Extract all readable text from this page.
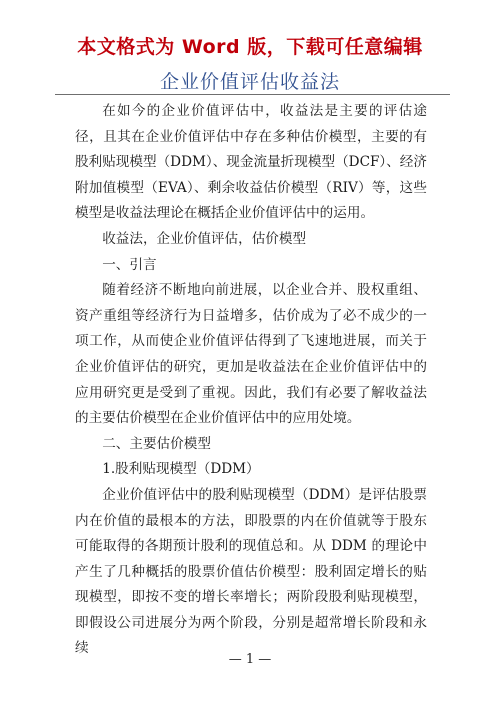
本文格式为 Word 版，下载可任意编辑
企业价值评估收益法

在如今的企业价值评估中，收益法是主要的评估途径，且其在企业价值评估中存在多种估价模型，主要的有股利贴现模型（DDM）、现金流量折现模型（DCF）、经济附加值模型（EVA）、剩余收益估价模型（RIV）等，这些模型是收益法理论在概括企业价值评估中的运用。

收益法，企业价值评估，估价模型

一、引言

随着经济不断地向前进展，以企业合并、股权重组、资产重组等经济行为日益增多，估价成为了必不成少的一项工作，从而使企业价值评估得到了飞速地进展，而关于企业价值评估的研究，更加是收益法在企业价值评估中的应用研究更是受到了重视。因此，我们有必要了解收益法的主要估价模型在企业价值评估中的应用处境。

二、主要估价模型

1.股利贴现模型（DDM）

企业价值评估中的股利贴现模型（DDM）是评估股票内在价值的最根本的方法，即股票的内在价值就等于股东可能取得的各期预计股利的现值总和。从 DDM 的理论中产生了几种概括的股票价值估价模型：股利固定增长的贴现模型，即按不变的增长率增长；两阶段股利贴现模型，即假设公司进展分为两个阶段，分别是超常增长阶段和永续

— 1 —
